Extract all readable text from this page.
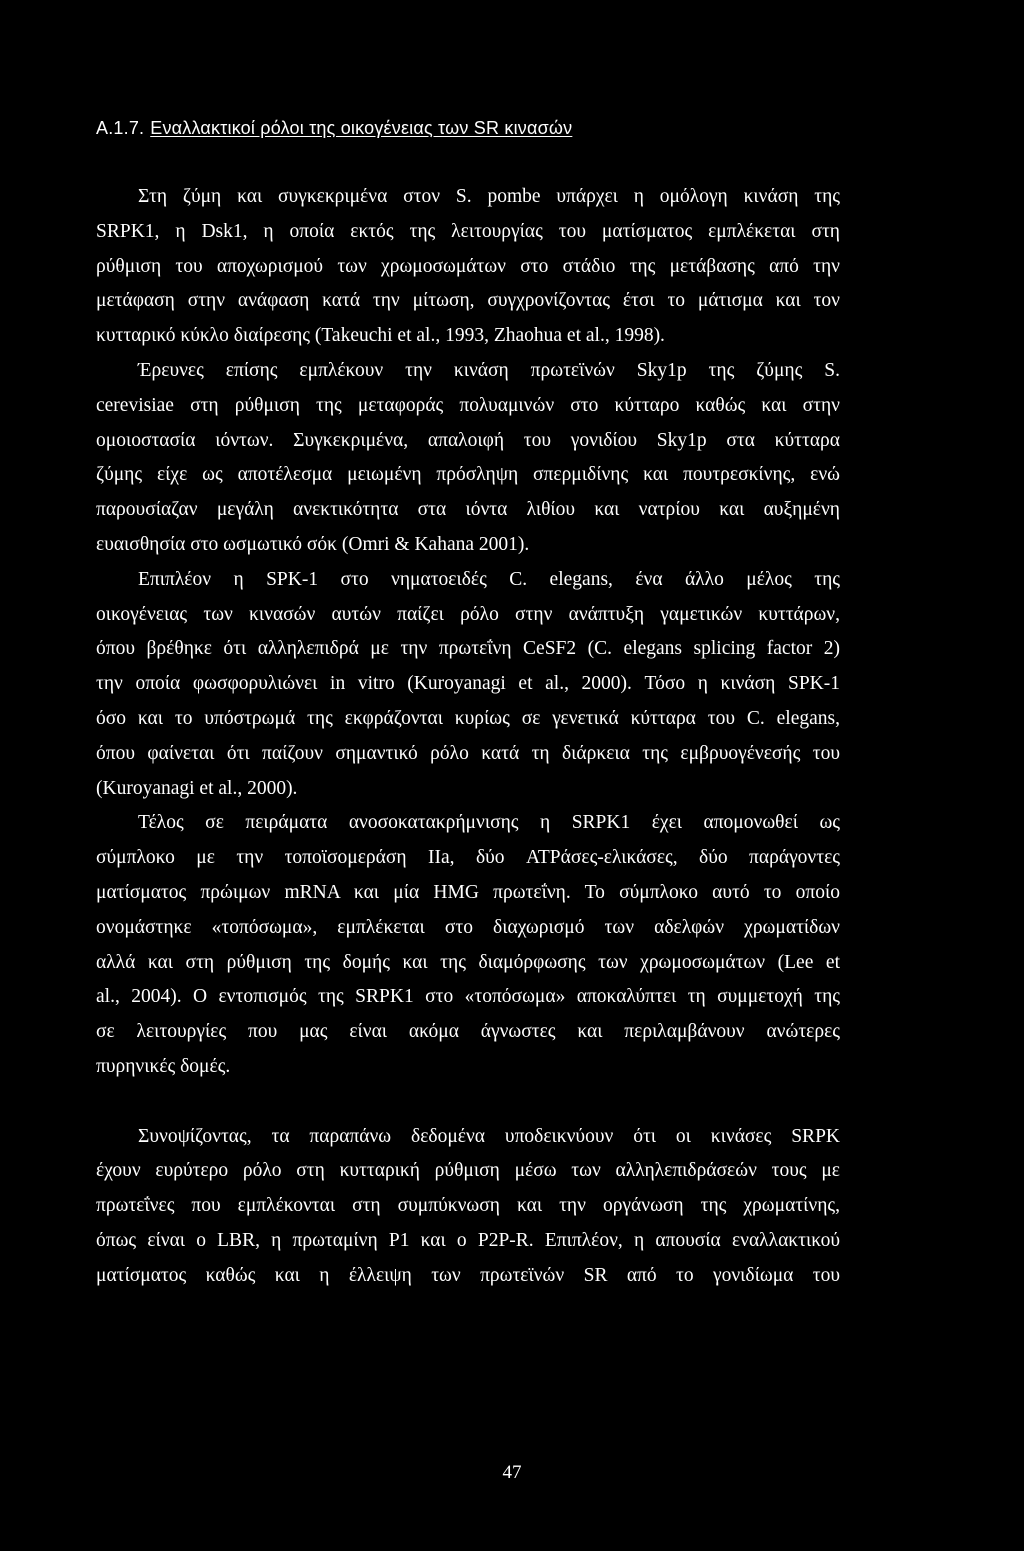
A.1.7. Εναλλακτικοί ρόλοι της οικογένειας των SR κινασών
Στη ζύμη και συγκεκριμένα στον S. pombe υπάρχει η ομόλογη κινάση της
SRPK1, η Dsk1, η οποία εκτός της λειτουργίας του ματίσματος εμπλέκεται στη
ρύθμιση του αποχωρισμού των χρωμοσωμάτων στο στάδιο της μετάβασης από την
μετάφαση στην ανάφαση κατά την μίτωση, συγχρονίζοντας έτσι το μάτισμα και τον
κυτταρικό κύκλο διαίρεσης (Takeuchi et al., 1993, Zhaohua et al., 1998).
Έρευνες επίσης εμπλέκουν την κινάση πρωτεϊνών Sky1p της ζύμης S.
cerevisiae στη ρύθμιση της μεταφοράς πολυαμινών στο κύτταρο καθώς και στην
ομοιοστασία ιόντων. Συγκεκριμένα, απαλοιφή του γονιδίου Sky1p στα κύτταρα
ζύμης είχε ως αποτέλεσμα μειωμένη πρόσληψη σπερμιδίνης και πουτρεσκίνης, ενώ
παρουσίαζαν μεγάλη ανεκτικότητα στα ιόντα λιθίου και νατρίου και αυξημένη
ευαισθησία στο ωσμωτικό σόκ (Omri & Kahana 2001).
Επιπλέον η SPK-1 στο νηματοειδές C. elegans, ένα άλλο μέλος της
οικογένειας των κινασών αυτών παίζει ρόλο στην ανάπτυξη γαμετικών κυττάρων,
όπου βρέθηκε ότι αλληλεπιδρά με την πρωτεΐνη CeSF2 (C. elegans splicing factor 2)
την οποία φωσφορυλιώνει in vitro (Kuroyanagi et al., 2000). Τόσο η κινάση SPK-1
όσο και το υπόστρωμά της εκφράζονται κυρίως σε γενετικά κύτταρα του C. elegans,
όπου φαίνεται ότι παίζουν σημαντικό ρόλο κατά τη διάρκεια της εμβρυογένεσής του
(Kuroyanagi et al., 2000).
Τέλος σε πειράματα ανοσοκατακρήμνισης η SRPK1 έχει απομονωθεί ως
σύμπλοκο με την τοποϊσομεράση IIa, δύο ATPάσες-ελικάσες, δύο παράγοντες
ματίσματος πρώιμων mRNA και μία HMG πρωτεΐνη. Το σύμπλοκο αυτό το οποίο
ονομάστηκε «τοπόσωμα», εμπλέκεται στο διαχωρισμό των αδελφών χρωματίδων
αλλά και στη ρύθμιση της δομής και της διαμόρφωσης των χρωμοσωμάτων (Lee et
al., 2004). Ο εντοπισμός της SRPK1 στο «τοπόσωμα» αποκαλύπτει τη συμμετοχή της
σε λειτουργίες που μας είναι ακόμα άγνωστες και περιλαμβάνουν ανώτερες
πυρηνικές δομές.
Συνοψίζοντας, τα παραπάνω δεδομένα υποδεικνύουν ότι οι κινάσες SRPK
έχουν ευρύτερο ρόλο στη κυτταρική ρύθμιση μέσω των αλληλεπιδράσεών τους με
πρωτεΐνες που εμπλέκονται στη συμπύκνωση και την οργάνωση της χρωματίνης,
όπως είναι ο LBR, η πρωταμίνη P1 και ο P2P-R. Επιπλέον, η απουσία εναλλακτικού
ματίσματος καθώς και η έλλειψη των πρωτεϊνών SR από το γονιδίωμα του
47
